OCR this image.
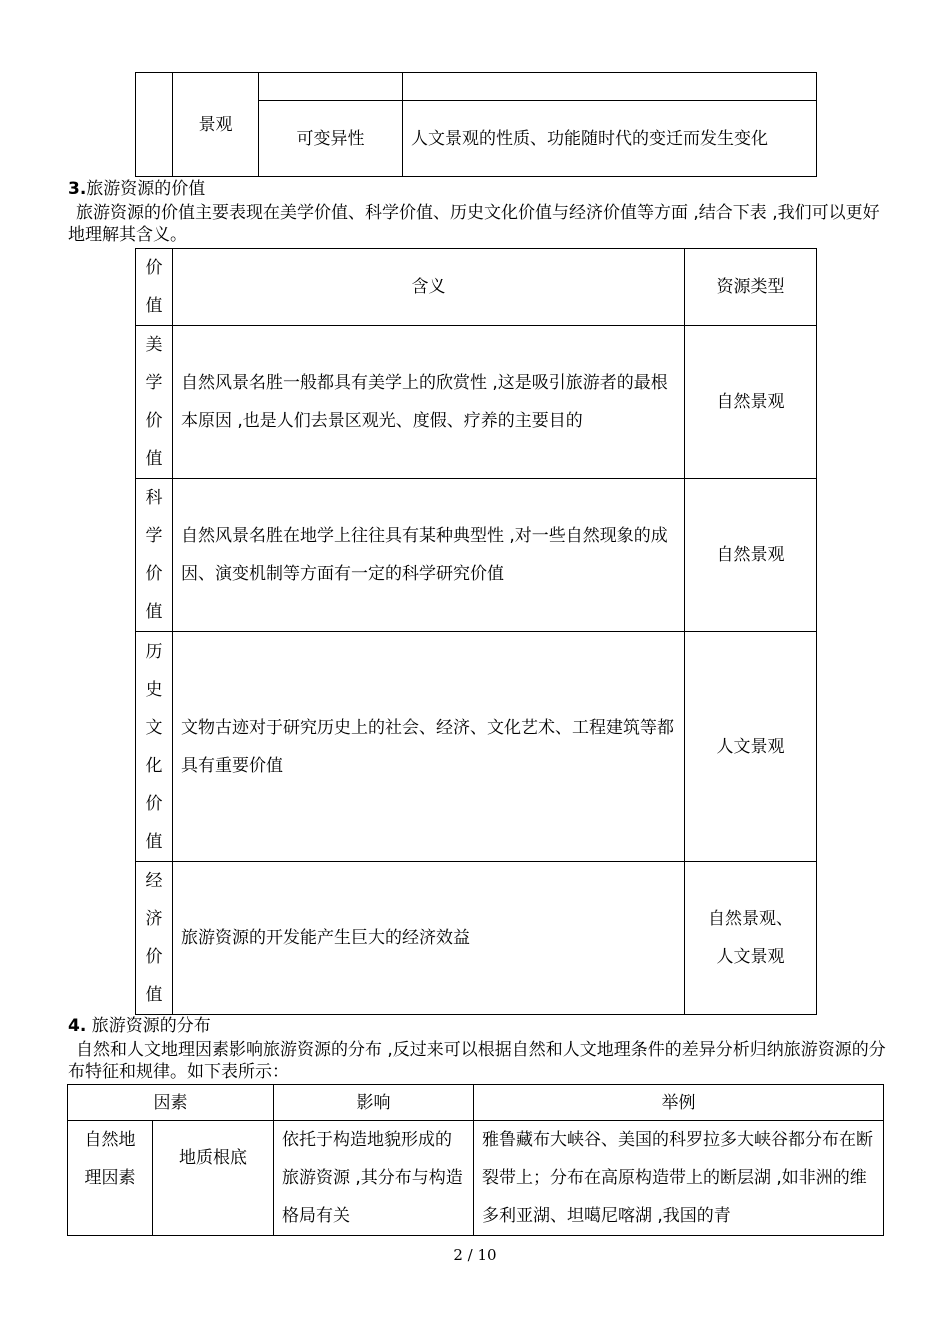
	景观		
		可变异性	人文景观的性质、功能随时代的变迁而发生变化
3.旅游资源的价值
旅游资源的价值主要表现在美学价值、科学价值、历史文化价值与经济价值等方面 ,结合下表 ,我们可以更好地理解其含义。
价值	含义	资源类型

美学价值	自然风景名胜一般都具有美学上的欣赏性 ,这是吸引旅游者的最根本原因 ,也是人们去景区观光、度假、疗养的主要目的	自然景观

科学价值	自然风景名胜在地学上往往具有某种典型性 ,对一些自然现象的成因、演变机制等方面有一定的科学研究价值	自然景观

历史文化价值	文物古迹对于研究历史上的社会、经济、文化艺术、工程建筑等都具有重要价值	人文景观

经济价值	旅游资源的开发能产生巨大的经济效益	自然景观、人文景观
4. 旅游资源的分布
自然和人文地理因素影响旅游资源的分布 ,反过来可以根据自然和人文地理条件的差异分析归纳旅游资源的分布特征和规律。如下表所示：
因素		影响	举例

自然地理因素	地质根底	依托于构造地貌形成的旅游资源 ,其分布与构造格局有关	雅鲁藏布大峡谷、美国的科罗拉多大峡谷都分布在断裂带上；分布在高原构造带上的断层湖 ,如非洲的维多利亚湖、坦噶尼喀湖 ,我国的青
2 / 10
